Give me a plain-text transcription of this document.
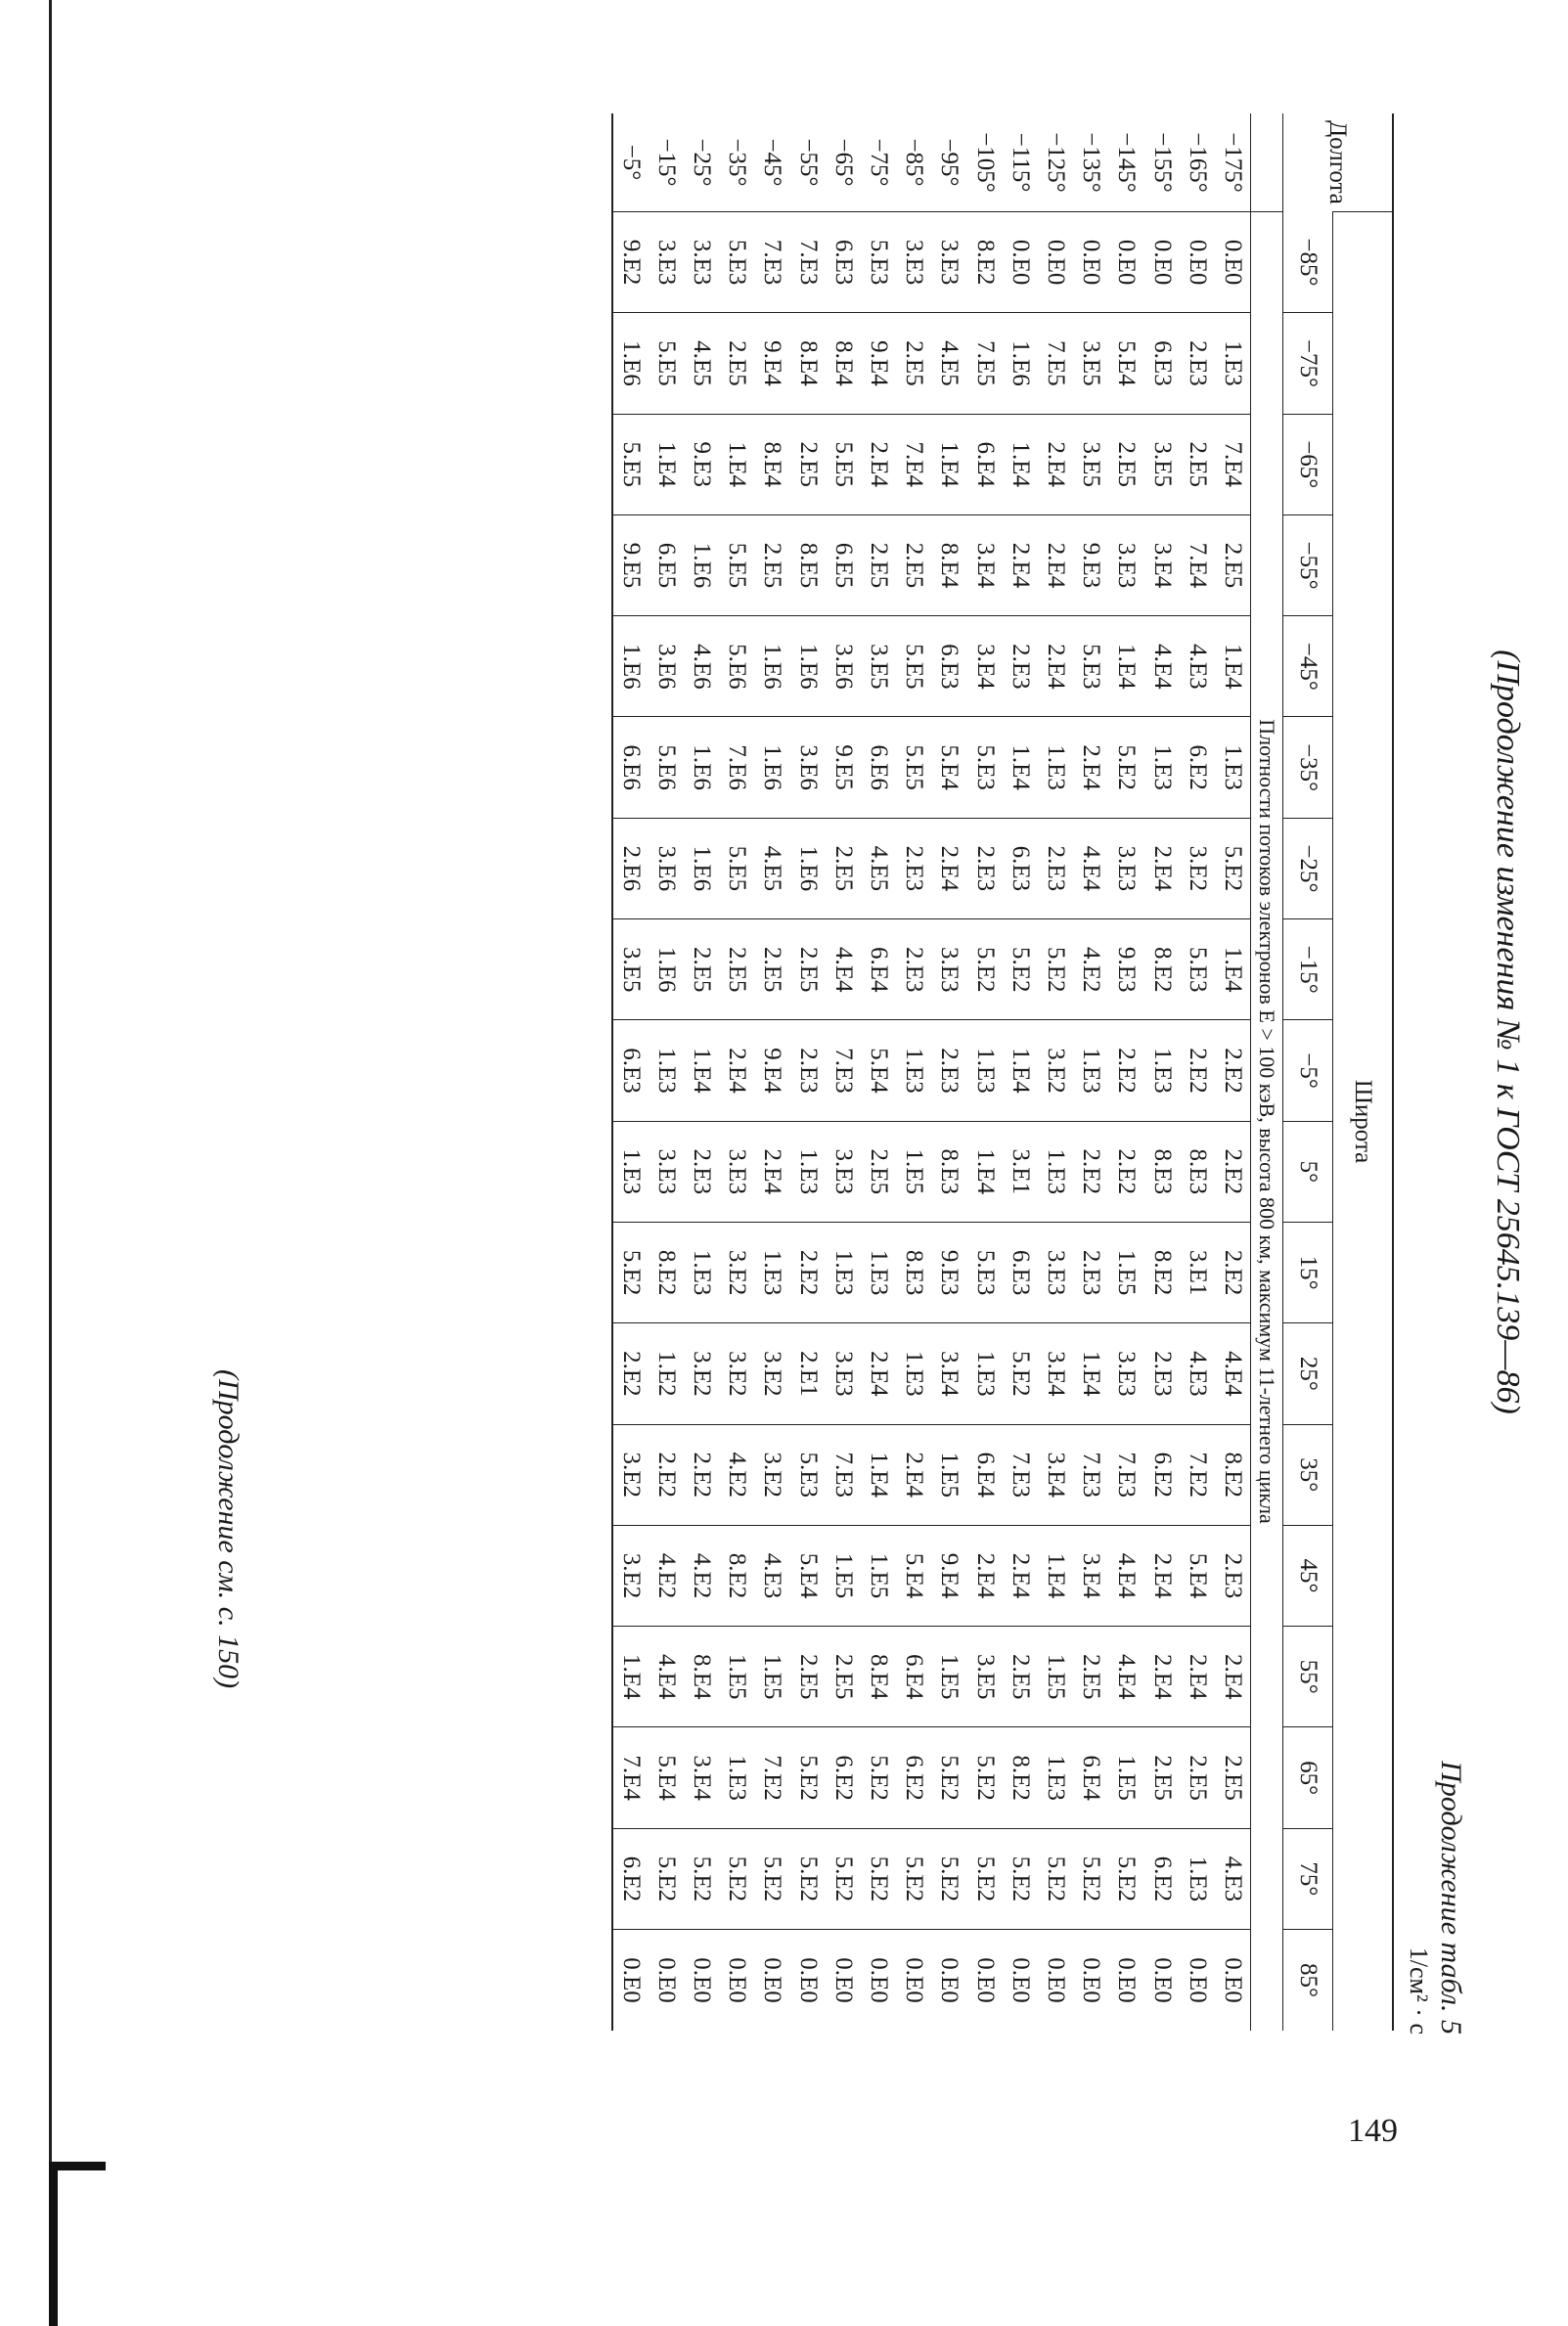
(Продолжение изменения № 1 к ГОСТ 25645.139—86)
Продолжение табл. 5
1/см² · с
Долгота	Широта																	
	−85°	−75°	−65°	−55°	−45°	−35°	−25°	−15°	−5°	5°	15°	25°	35°	45°	55°	65°	75°	85°
	Плотности потоков электронов E > 100 кэВ, высота 800 км, максимум 11-летнего цикла																	
−175°	0.E0	1.E3	7.E4	2.E5	1.E4	1.E3	5.E2	1.E4	2.E2	2.E2	2.E2	4.E4	8.E2	2.E3	2.E4	2.E5	4.E3	0.E0
−165°	0.E0	2.E3	2.E5	7.E4	4.E3	6.E2	3.E2	5.E3	2.E2	8.E3	3.E1	4.E3	7.E2	5.E4	2.E4	2.E5	1.E3	0.E0
−155°	0.E0	6.E3	3.E5	3.E4	4.E4	1.E3	2.E4	8.E2	1.E3	8.E3	8.E2	2.E3	6.E2	2.E4	2.E4	2.E5	6.E2	0.E0
−145°	0.E0	5.E4	2.E5	3.E3	1.E4	5.E2	3.E3	9.E3	2.E2	2.E2	1.E5	3.E3	7.E3	4.E4	4.E4	1.E5	5.E2	0.E0
−135°	0.E0	3.E5	3.E5	9.E3	5.E3	2.E4	4.E4	4.E2	1.E3	2.E2	2.E3	1.E4	7.E3	3.E4	2.E5	6.E4	5.E2	0.E0
−125°	0.E0	7.E5	2.E4	2.E4	2.E4	1.E3	2.E3	5.E2	3.E2	1.E3	3.E3	3.E4	3.E4	1.E4	1.E5	1.E3	5.E2	0.E0
−115°	0.E0	1.E6	1.E4	2.E4	2.E3	1.E4	6.E3	5.E2	1.E4	3.E1	6.E3	5.E2	7.E3	2.E4	2.E5	8.E2	5.E2	0.E0
−105°	8.E2	7.E5	6.E4	3.E4	3.E4	5.E3	2.E3	5.E2	1.E3	1.E4	5.E3	1.E3	6.E4	2.E4	3.E5	5.E2	5.E2	0.E0
−95°	3.E3	4.E5	1.E4	8.E4	6.E3	5.E4	2.E4	3.E3	2.E3	8.E3	9.E3	3.E4	1.E5	9.E4	1.E5	5.E2	5.E2	0.E0
−85°	3.E3	2.E5	7.E4	2.E5	5.E5	5.E5	2.E3	2.E3	1.E3	1.E5	8.E3	1.E3	2.E4	5.E4	6.E4	6.E2	5.E2	0.E0
−75°	5.E3	9.E4	2.E4	2.E5	3.E5	6.E6	4.E5	6.E4	5.E4	2.E5	1.E3	2.E4	1.E4	1.E5	8.E4	5.E2	5.E2	0.E0
−65°	6.E3	8.E4	5.E5	6.E5	3.E6	9.E5	2.E5	4.E4	7.E3	3.E3	1.E3	3.E3	7.E3	1.E5	2.E5	6.E2	5.E2	0.E0
−55°	7.E3	8.E4	2.E5	8.E5	1.E6	3.E6	1.E6	2.E5	2.E3	1.E3	2.E2	2.E1	5.E3	5.E4	2.E5	5.E2	5.E2	0.E0
−45°	7.E3	9.E4	8.E4	2.E5	1.E6	1.E6	4.E5	2.E5	9.E4	2.E4	1.E3	3.E2	3.E2	4.E3	1.E5	7.E2	5.E2	0.E0
−35°	5.E3	2.E5	1.E4	5.E5	5.E6	7.E6	5.E5	2.E5	2.E4	3.E3	3.E2	3.E2	4.E2	8.E2	1.E5	1.E3	5.E2	0.E0
−25°	3.E3	4.E5	9.E3	1.E6	4.E6	1.E6	1.E6	2.E5	1.E4	2.E3	1.E3	3.E2	2.E2	4.E2	8.E4	3.E4	5.E2	0.E0
−15°	3.E3	5.E5	1.E4	6.E5	3.E6	5.E6	3.E6	1.E6	1.E3	3.E3	8.E2	1.E2	2.E2	4.E2	4.E4	5.E4	5.E2	0.E0
−5°	9.E2	1.E6	5.E5	9.E5	1.E6	6.E6	2.E6	3.E5	6.E3	1.E3	5.E2	2.E2	3.E2	3.E2	1.E4	7.E4	6.E2	0.E0
(Продолжение см. с. 150)
149
